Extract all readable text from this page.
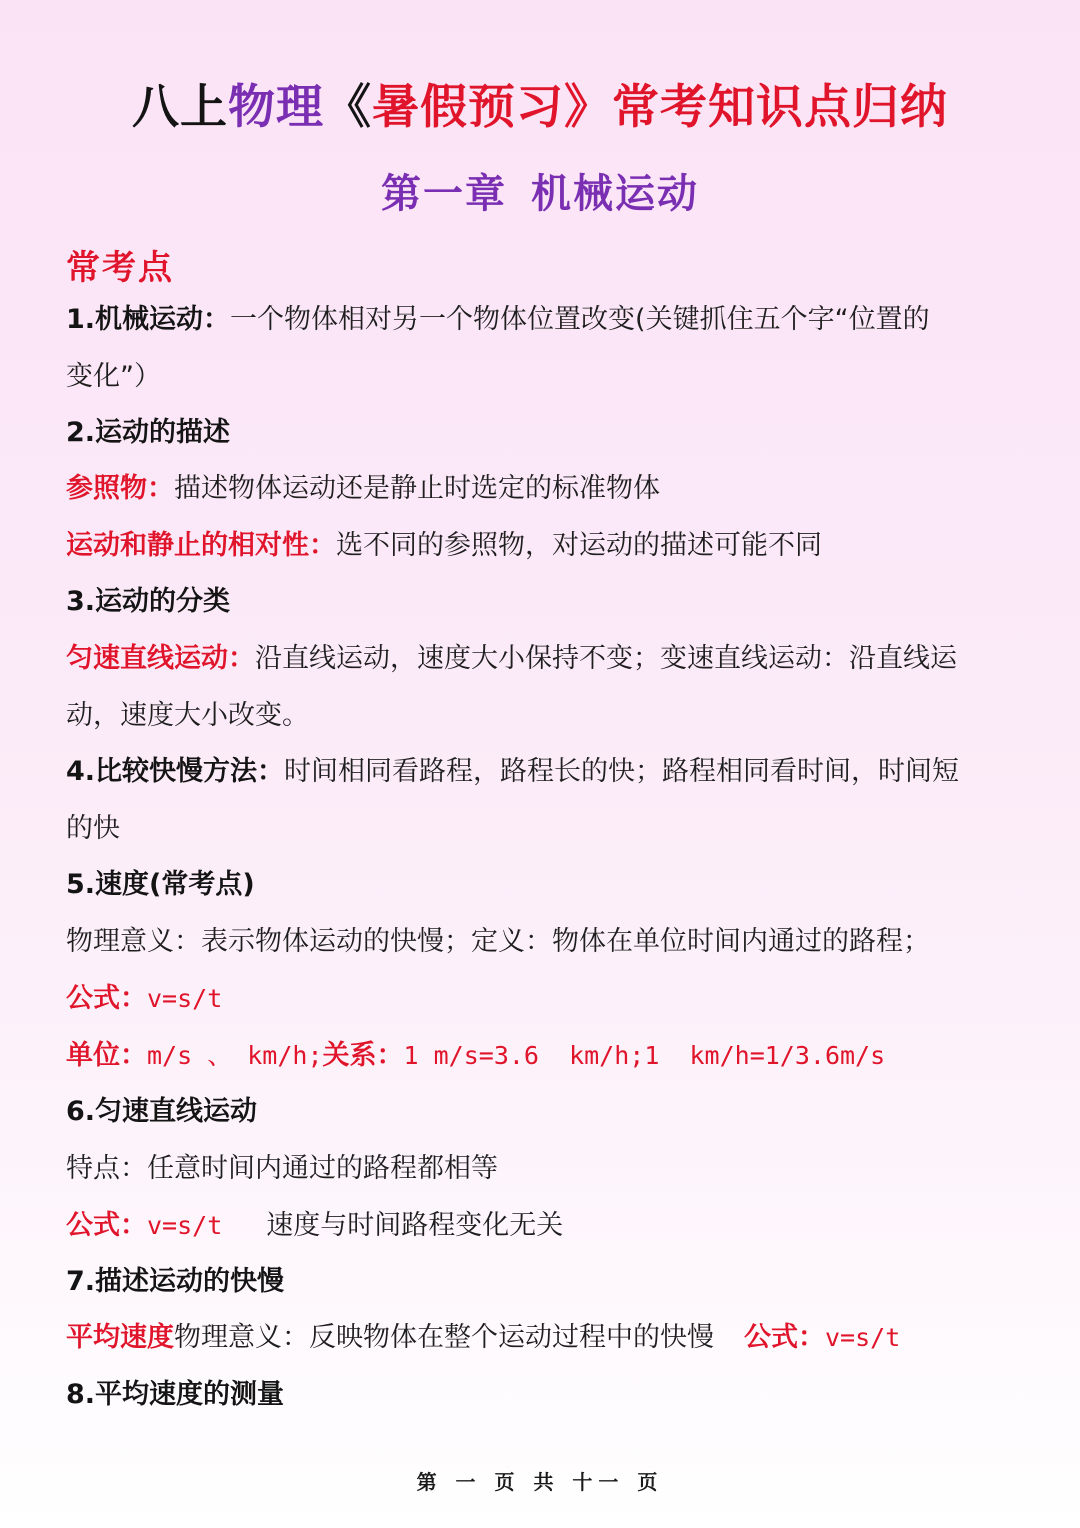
八上物理《暑假预习》常考知识点归纳
第一章 机械运动
常考点
1.机械运动：一个物体相对另一个物体位置改变(关键抓住五个字“位置的
变化”）
2.运动的描述
参照物：描述物体运动还是静止时选定的标准物体
运动和静止的相对性：选不同的参照物，对运动的描述可能不同
3.运动的分类
匀速直线运动：沿直线运动，速度大小保持不变；变速直线运动：沿直线运
动，速度大小改变。
4.比较快慢方法：时间相同看路程，路程长的快；路程相同看时间，时间短
的快
5.速度(常考点)
物理意义：表示物体运动的快慢；定义：物体在单位时间内通过的路程；
公式：v=s/t
单位：m/s 、 km/h;关系：1 m/s=3.6  km/h;1  km/h=1/3.6m/s
6.匀速直线运动
特点：任意时间内通过的路程都相等
公式：v=s/t 速度与时间路程变化无关
7.描述运动的快慢
平均速度物理意义：反映物体在整个运动过程中的快慢 公式：v=s/t
8.平均速度的测量
第 一 页 共 十一 页
